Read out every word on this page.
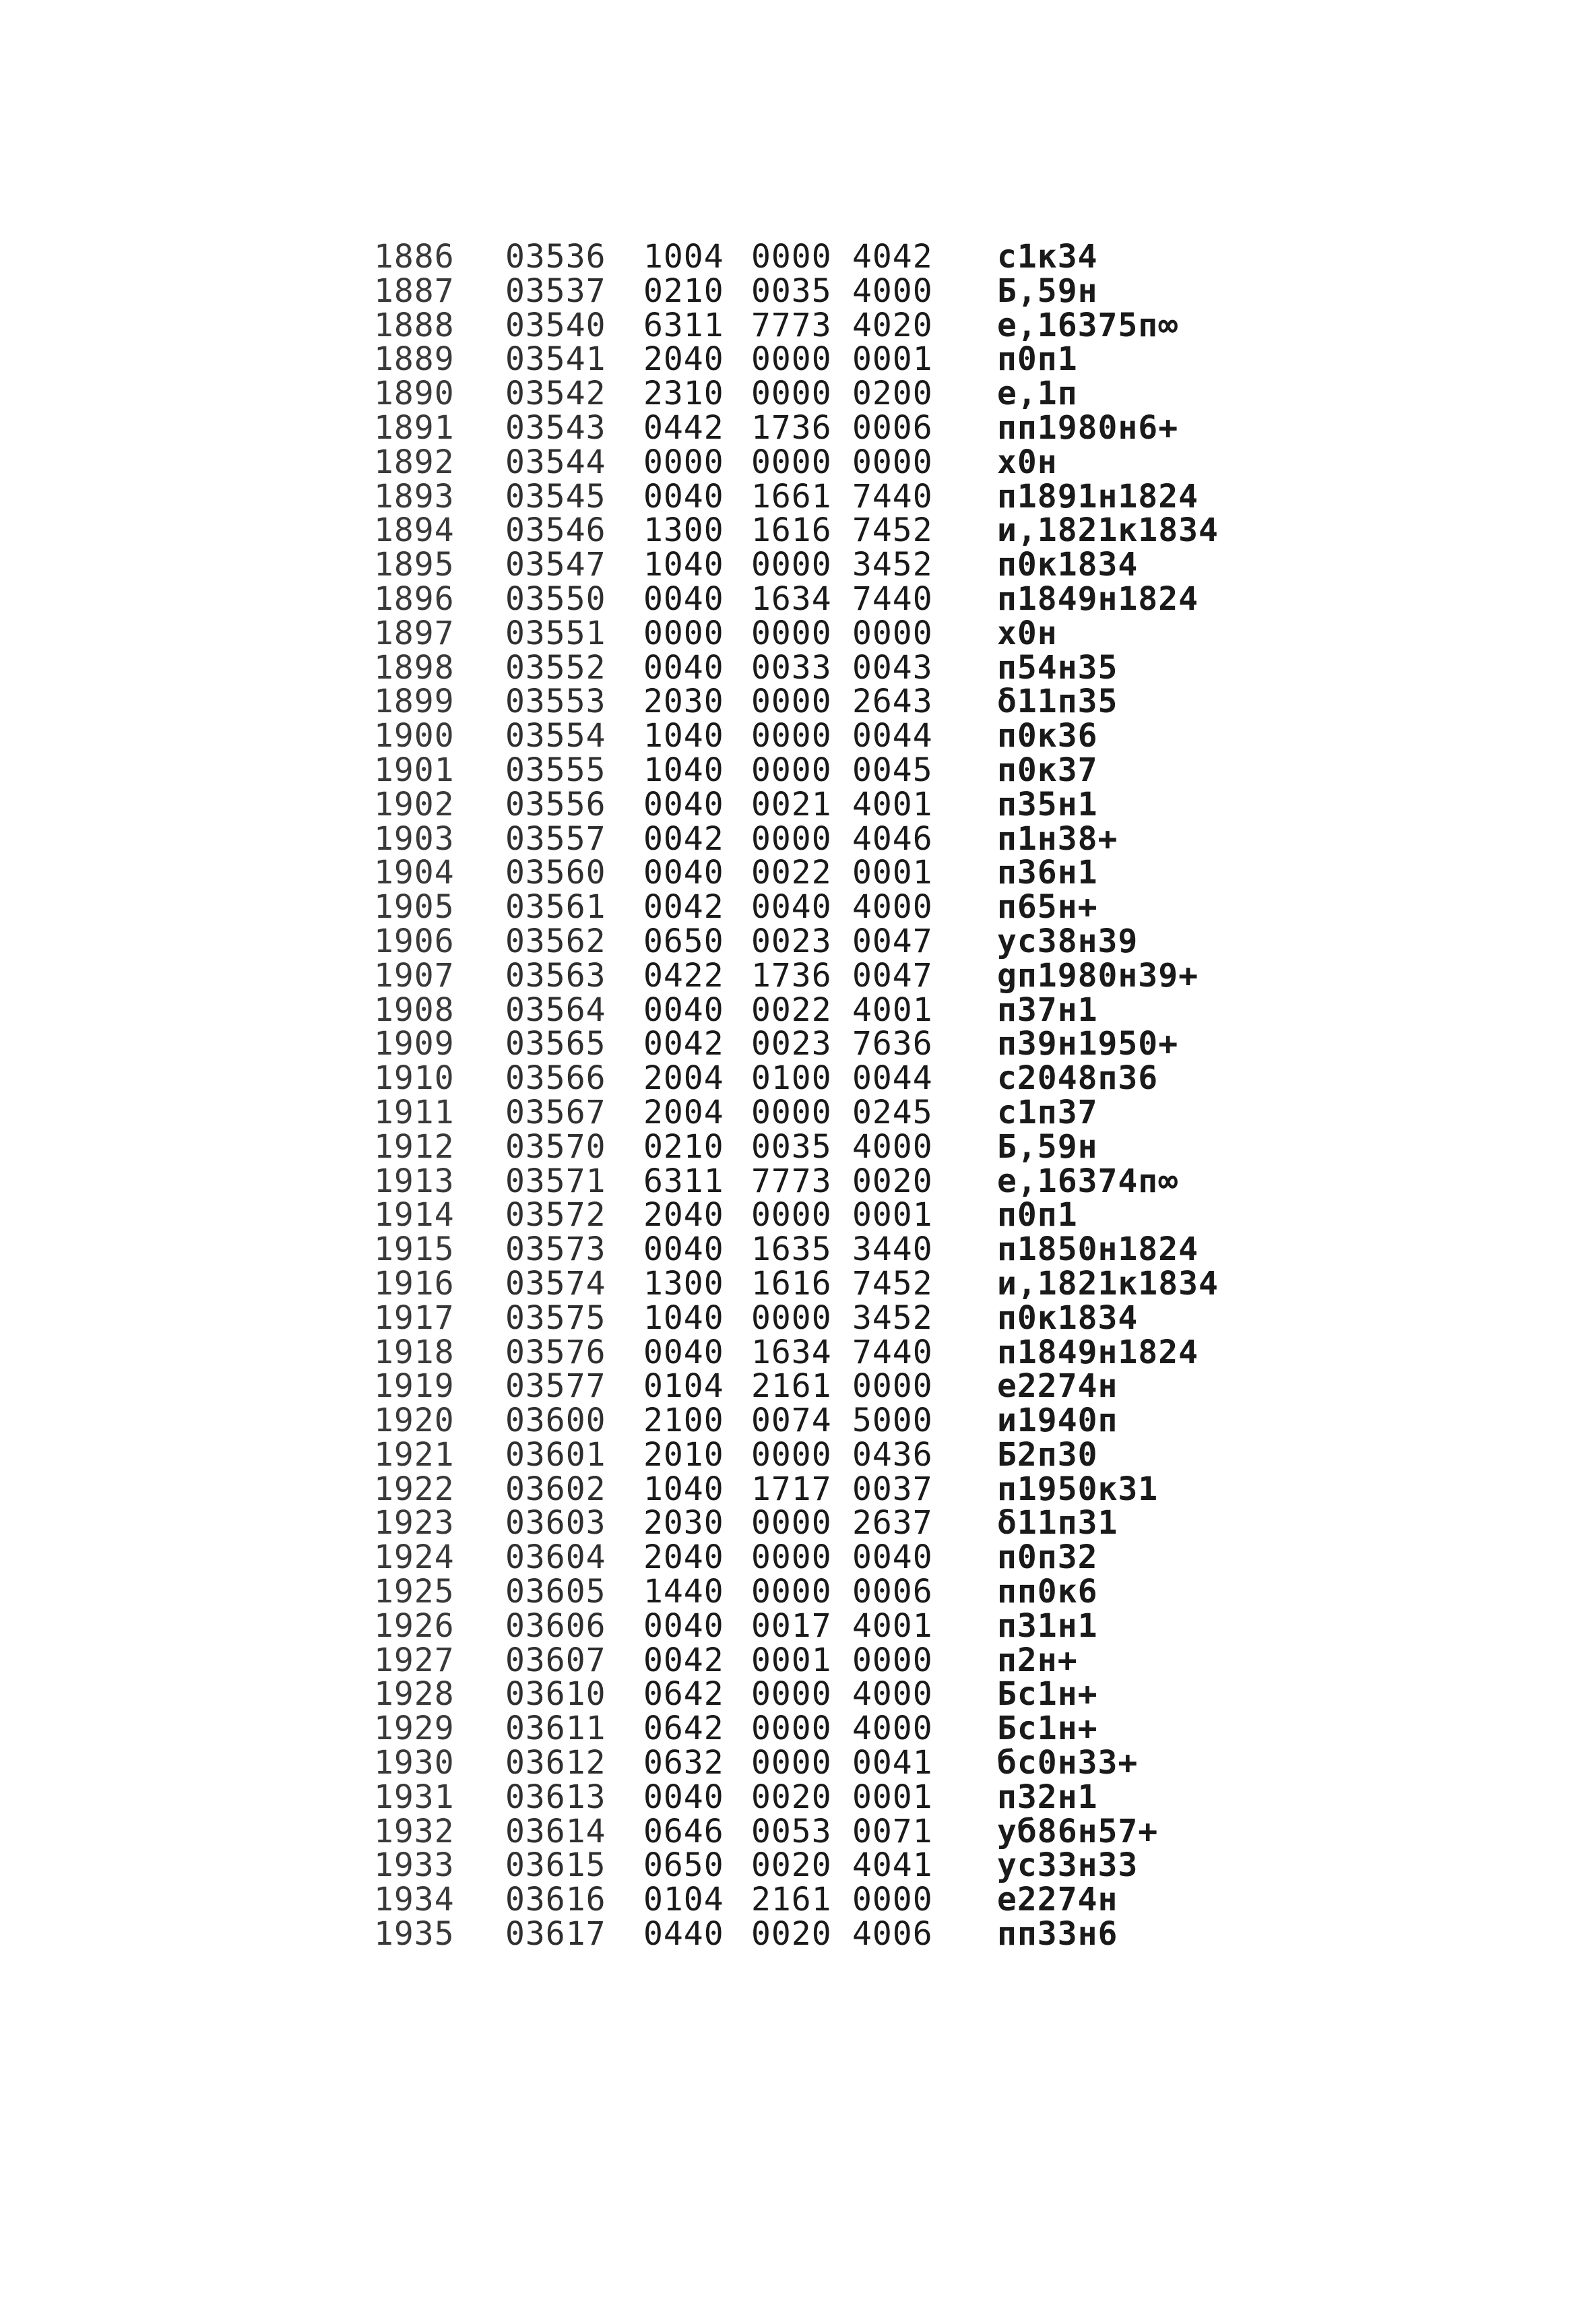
1886 03536 1004 0000 4042 c1к34
1887 03537 0210 0035 4000 Б,59н
1888 03540 6311 7773 4020 е,16375п∞
1889 03541 2040 0000 0001 п0п1
1890 03542 2310 0000 0200 е,1п
1891 03543 0442 1736 0006 пп1980н6+
1892 03544 0000 0000 0000 х0н
1893 03545 0040 1661 7440 п1891н1824
1894 03546 1300 1616 7452 и,1821к1834
1895 03547 1040 0000 3452 п0к1834
1896 03550 0040 1634 7440 п1849н1824
1897 03551 0000 0000 0000 х0н
1898 03552 0040 0033 0043 п54н35
1899 03553 2030 0000 2643 δ11п35
1900 03554 1040 0000 0044 п0к36
1901 03555 1040 0000 0045 п0к37
1902 03556 0040 0021 4001 п35н1
1903 03557 0042 0000 4046 п1н38+
1904 03560 0040 0022 0001 п36н1
1905 03561 0042 0040 4000 п65н+
1906 03562 0650 0023 0047 ус38н39
1907 03563 0422 1736 0047 gп1980н39+
1908 03564 0040 0022 4001 п37н1
1909 03565 0042 0023 7636 п39н1950+
1910 03566 2004 0100 0044 с2048п36
1911 03567 2004 0000 0245 с1п37
1912 03570 0210 0035 4000 Б,59н
1913 03571 6311 7773 0020 е,16374п∞
1914 03572 2040 0000 0001 п0п1
1915 03573 0040 1635 3440 п1850н1824
1916 03574 1300 1616 7452 и,1821к1834
1917 03575 1040 0000 3452 п0к1834
1918 03576 0040 1634 7440 п1849н1824
1919 03577 0104 2161 0000 е2274н
1920 03600 2100 0074 5000 и1940п
1921 03601 2010 0000 0436 Б2п30
1922 03602 1040 1717 0037 п1950к31
1923 03603 2030 0000 2637 δ11п31
1924 03604 2040 0000 0040 п0п32
1925 03605 1440 0000 0006 пп0к6
1926 03606 0040 0017 4001 п31н1
1927 03607 0042 0001 0000 п2н+
1928 03610 0642 0000 4000 Бс1н+
1929 03611 0642 0000 4000 Бс1н+
1930 03612 0632 0000 0041 бс0н33+
1931 03613 0040 0020 0001 п32н1
1932 03614 0646 0053 0071 уб86н57+
1933 03615 0650 0020 4041 ус33н33
1934 03616 0104 2161 0000 е2274н
1935 03617 0440 0020 4006 пп33н6
